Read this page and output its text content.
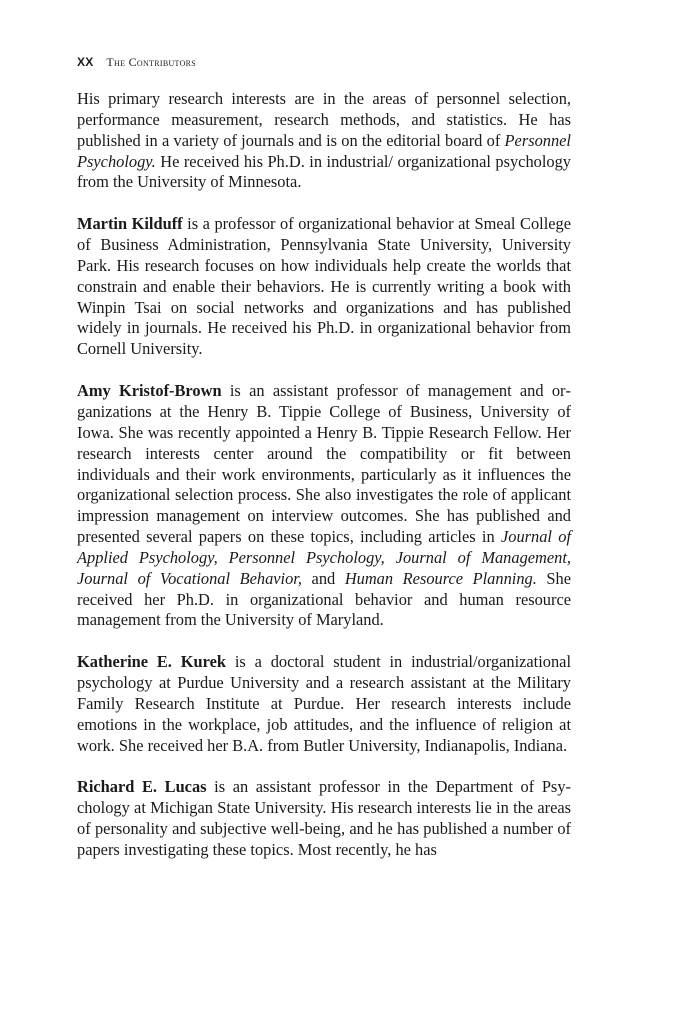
XX The Contributors

His primary research interests are in the areas of personnel selection, performance measurement, research methods, and statistics. He has published in a variety of journals and is on the editorial board of Personnel Psychology. He received his Ph.D. in industrial/ organizational psychology from the University of Minnesota.

Martin Kilduff is a professor of organizational behavior at Smeal College of Business Administration, Pennsylvania State University, University Park. His research focuses on how individuals help create the worlds that constrain and enable their behaviors. He is currently writing a book with Winpin Tsai on social networks and organizations and has published widely in journals. He received his Ph.D. in organizational behavior from Cornell University.

Amy Kristof-Brown is an assistant professor of management and organizations at the Henry B. Tippie College of Business, University of Iowa. She was recently appointed a Henry B. Tippie Research Fellow. Her research interests center around the compatibility or fit between individuals and their work environments, particularly as it influences the organizational selection process. She also investigates the role of applicant impression management on interview outcomes. She has published and presented several papers on these topics, including articles in Journal of Applied Psychology, Personnel Psychology, Journal of Management, Journal of Vocational Behavior, and Human Resource Planning. She received her Ph.D. in organizational behavior and human resource management from the University of Maryland.

Katherine E. Kurek is a doctoral student in industrial/organizational psychology at Purdue University and a research assistant at the Military Family Research Institute at Purdue. Her research interests include emotions in the workplace, job attitudes, and the influence of religion at work. She received her B.A. from Butler University, Indianapolis, Indiana.

Richard E. Lucas is an assistant professor in the Department of Psychology at Michigan State University. His research interests lie in the areas of personality and subjective well-being, and he has published a number of papers investigating these topics. Most recently, he has
